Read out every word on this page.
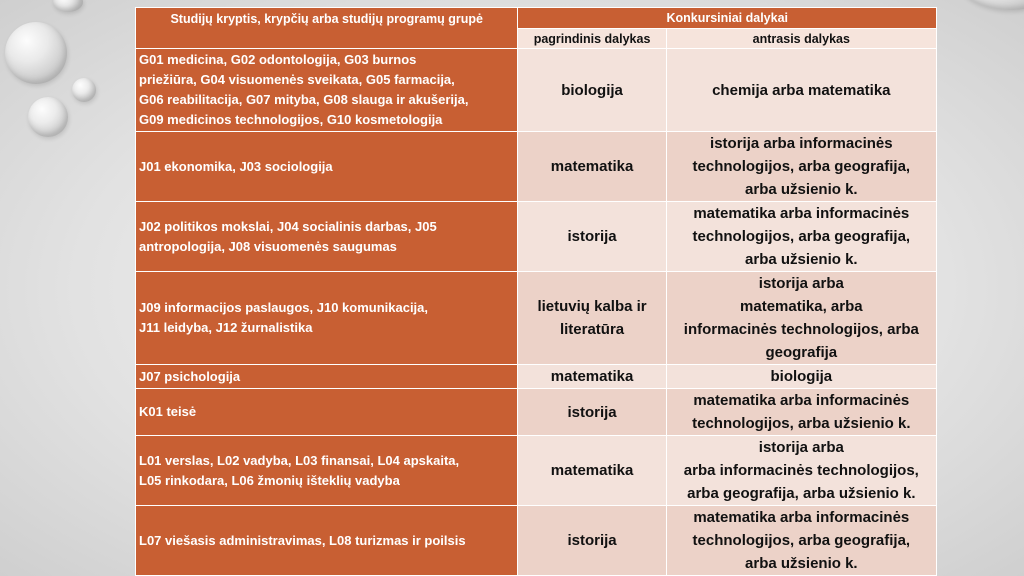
Studijų kryptis, krypčių arba studijų programų grupė	Konkursiniai dalykai	
	pagrindinis dalykas	antrasis dalykas
G01 medicina, G02 odontologija, G03 burnos
priežiūra, G04 visuomenės sveikata, G05 farmacija,
G06 reabilitacija, G07 mityba, G08 slauga ir akušerija,
G09 medicinos technologijos, G10 kosmetologija	biologija	chemija arba matematika
J01 ekonomika, J03 sociologija	matematika	istorija arba informacinės
technologijos, arba geografija,
arba užsienio k.
J02 politikos mokslai, J04 socialinis darbas, J05
antropologija, J08 visuomenės saugumas	istorija	matematika arba informacinės
technologijos, arba geografija,
arba užsienio k.
J09 informacijos paslaugos, J10 komunikacija,
J11 leidyba, J12 žurnalistika	lietuvių kalba ir
literatūra	istorija arba
matematika, arba
informacinės technologijos, arba
geografija
J07 psichologija	matematika	biologija
K01 teisė	istorija	matematika arba informacinės
technologijos, arba užsienio k.
L01 verslas, L02 vadyba, L03 finansai, L04 apskaita,
L05 rinkodara, L06 žmonių išteklių vadyba	matematika	istorija arba
arba informacinės technologijos,
arba geografija, arba užsienio k.
L07 viešasis administravimas, L08 turizmas ir poilsis	istorija	matematika arba informacinės
technologijos, arba geografija,
arba užsienio k.
